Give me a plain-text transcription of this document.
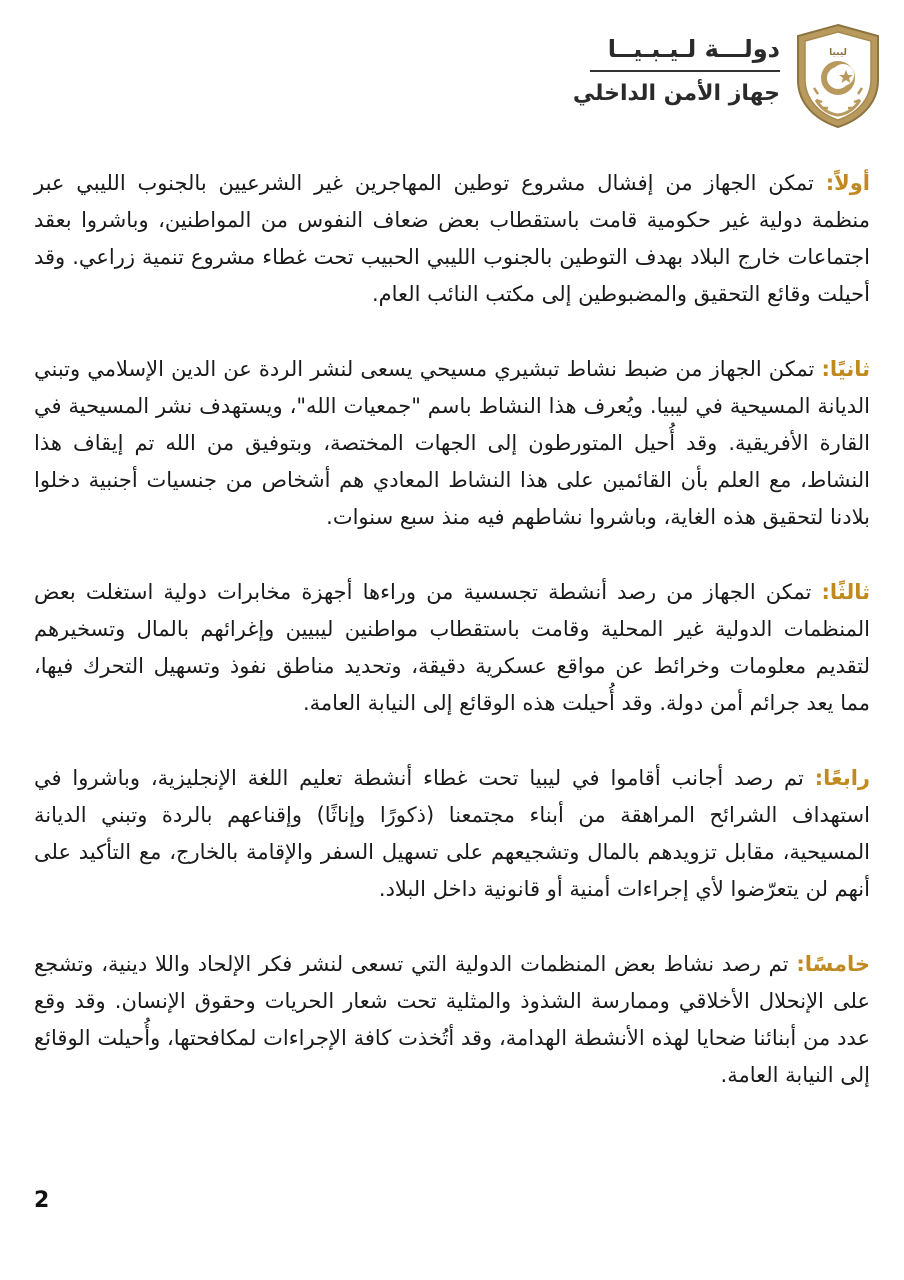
ليبيا
دولـــة لـيـبـيــا
جهاز الأمن الداخلي

أولاً: تمكن الجهاز من إفشال مشروع توطين المهاجرين غير الشرعيين بالجنوب الليبي عبر منظمة دولية غير حكومية قامت باستقطاب بعض ضعاف النفوس من المواطنين، وباشروا بعقد اجتماعات خارج البلاد بهدف التوطين بالجنوب الليبي الحبيب تحت غطاء مشروع تنمية زراعي. وقد أحيلت وقائع التحقيق والمضبوطين إلى مكتب النائب العام.

ثانيًا: تمكن الجهاز من ضبط نشاط تبشيري مسيحي يسعى لنشر الردة عن الدين الإسلامي وتبني الديانة المسيحية في ليبيا. ويُعرف هذا النشاط باسم "جمعيات الله"، ويستهدف نشر المسيحية في القارة الأفريقية. وقد أُحيل المتورطون إلى الجهات المختصة، وبتوفيق من الله تم إيقاف هذا النشاط، مع العلم بأن القائمين على هذا النشاط المعادي هم أشخاص من جنسيات أجنبية دخلوا بلادنا لتحقيق هذه الغاية، وباشروا نشاطهم فيه منذ سبع سنوات.

ثالثًا: تمكن الجهاز من رصد أنشطة تجسسية من وراءها أجهزة مخابرات دولية استغلت بعض المنظمات الدولية غير المحلية وقامت باستقطاب مواطنين ليبيين وإغرائهم بالمال وتسخيرهم لتقديم معلومات وخرائط عن مواقع عسكرية دقيقة، وتحديد مناطق نفوذ وتسهيل التحرك فيها، مما يعد جرائم أمن دولة. وقد أُحيلت هذه الوقائع إلى النيابة العامة.

رابعًا: تم رصد أجانب أقاموا في ليبيا تحت غطاء أنشطة تعليم اللغة الإنجليزية، وباشروا في استهداف الشرائح المراهقة من أبناء مجتمعنا (ذكورًا وإناثًا) وإقناعهم بالردة وتبني الديانة المسيحية، مقابل تزويدهم بالمال وتشجيعهم على تسهيل السفر والإقامة بالخارج، مع التأكيد على أنهم لن يتعرّضوا لأي إجراءات أمنية أو قانونية داخل البلاد.

خامسًا: تم رصد نشاط بعض المنظمات الدولية التي تسعى لنشر فكر الإلحاد واللا دينية، وتشجع على الإنحلال الأخلاقي وممارسة الشذوذ والمثلية تحت شعار الحريات وحقوق الإنسان. وقد وقع عدد من أبنائنا ضحايا لهذه الأنشطة الهدامة، وقد أتُخذت كافة الإجراءات لمكافحتها، وأُحيلت الوقائع إلى النيابة العامة.

2
